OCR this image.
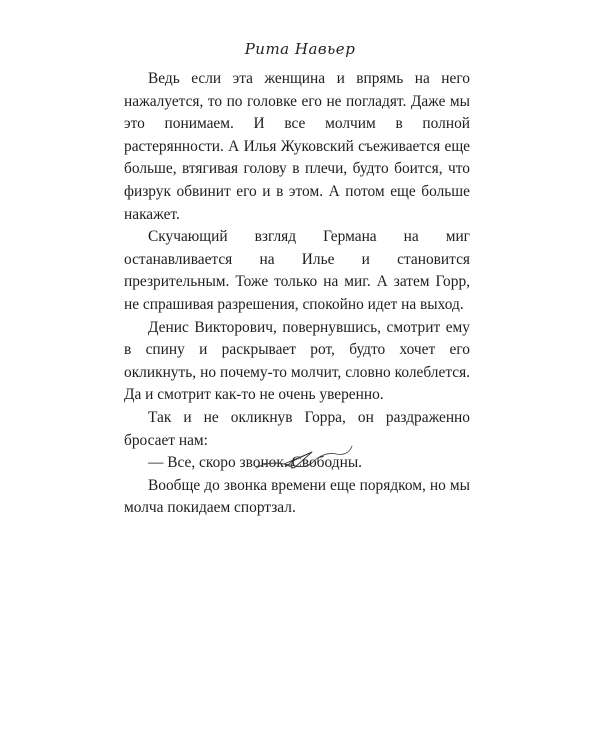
Рита Навьер

Ведь если эта женщина и впрямь на него нажалуется, то по головке его не погладят. Даже мы это понимаем. И все молчим в полной растерянности. А Илья Жуковский съеживается еще больше, втягивая голову в плечи, будто боится, что физрук обвинит его и в этом. А потом еще больше накажет.

Скучающий взгляд Германа на миг останавливается на Илье и становится презрительным. Тоже только на миг. А затем Горр, не спрашивая разрешения, спокойно идет на выход.

Денис Викторович, повернувшись, смотрит ему в спину и раскрывает рот, будто хочет его окликнуть, но почему-то молчит, словно колеблется. Да и смотрит как-то не очень уверенно.

Так и не окликнув Горра, он раздраженно бросает нам:

— Все, скоро звонок. Свободны.

Вообще до звонка времени еще порядком, но мы молча покидаем спортзал.
